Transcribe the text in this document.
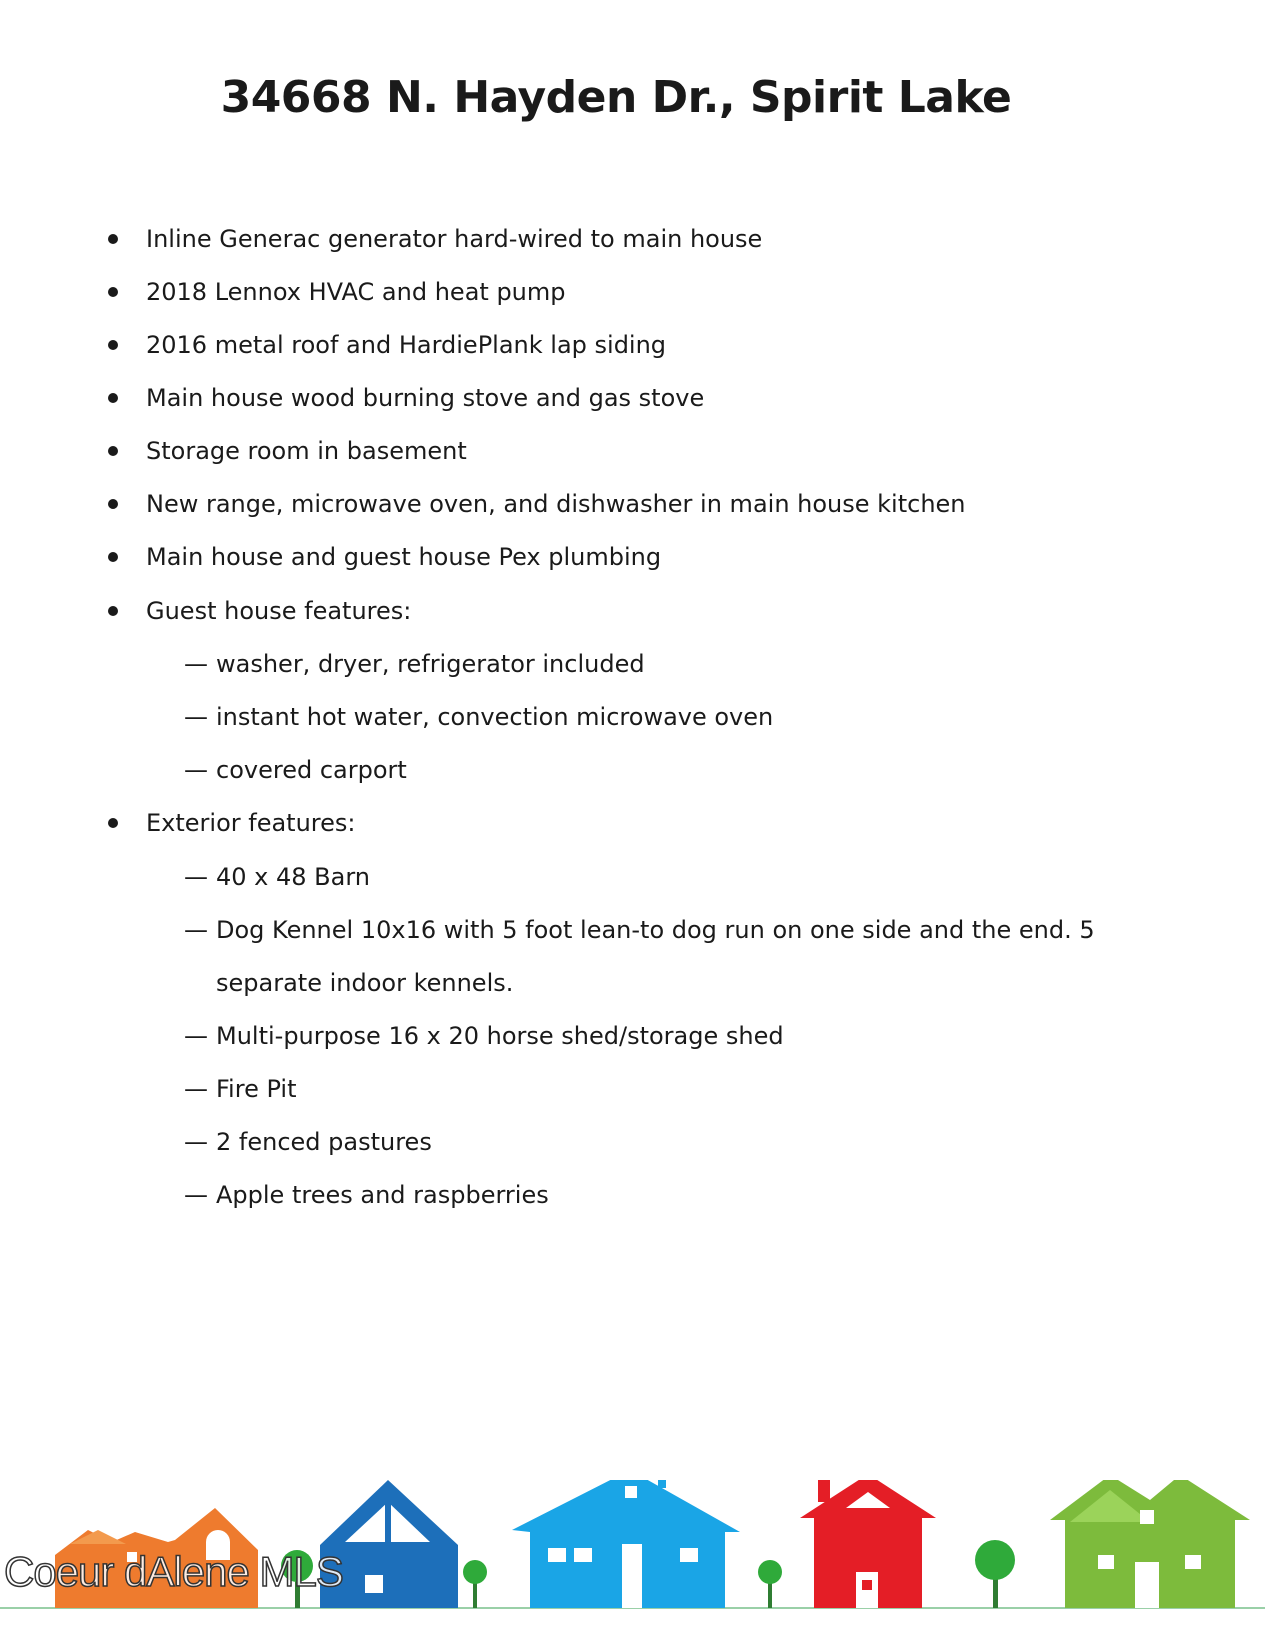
34668 N. Hayden Dr., Spirit Lake
Inline Generac generator hard-wired to main house
2018 Lennox HVAC and heat pump
2016 metal roof and HardiePlank lap siding
Main house wood burning stove and gas stove
Storage room in basement
New range, microwave oven, and dishwasher in main house kitchen
Main house and guest house Pex plumbing
Guest house features:
— washer, dryer, refrigerator included
— instant hot water, convection microwave oven
— covered carport
Exterior features:
— 40 x 48 Barn
— Dog Kennel 10x16 with 5 foot lean-to dog run on one side and the end. 5
separate indoor kennels.
— Multi-purpose 16 x 20 horse shed/storage shed
— Fire Pit
— 2 fenced pastures
— Apple trees and raspberries
Coeur dAlene MLS
